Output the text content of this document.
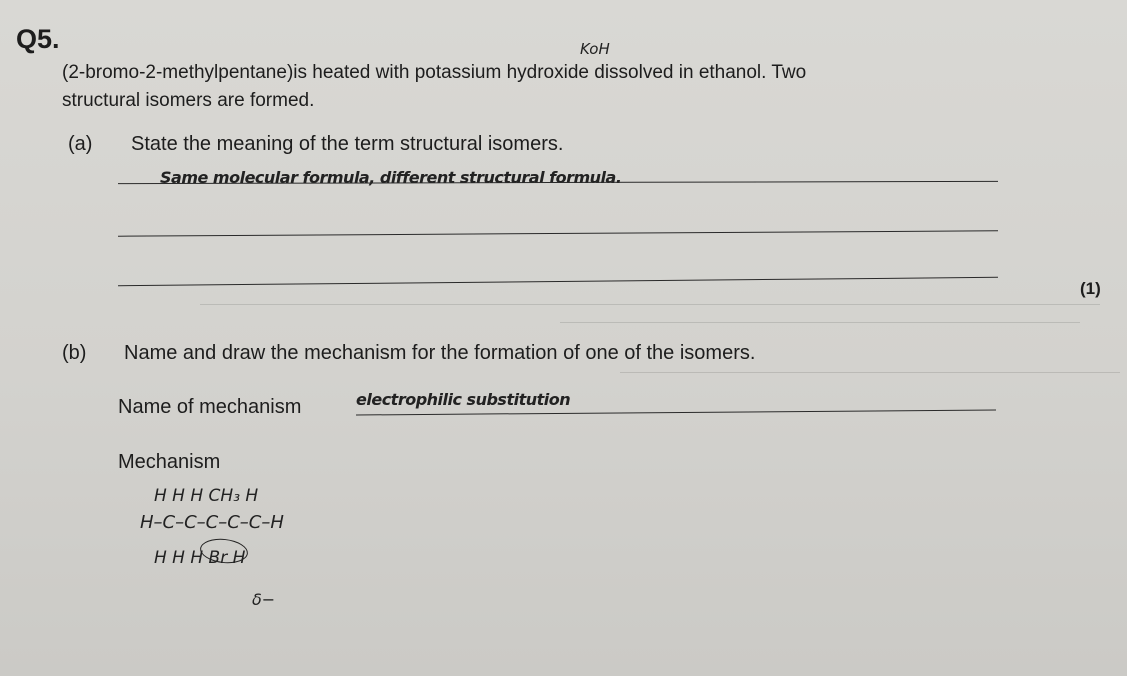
Q5.	KoH
(2-bromo-2-methylpentane)is heated with potassium hydroxide dissolved in ethanol. Two
structural isomers are formed.
(a) State the meaning of the term structural isomers.
Same molecular formula, different structural formula.
(1)
(b) Name and draw the mechanism for the formation of one of the isomers.
Name of mechanism	electrophilic substitution
Mechanism
H H H CH₃ H
H–C–C–C–C–C–H
H H H Br H
δ−
